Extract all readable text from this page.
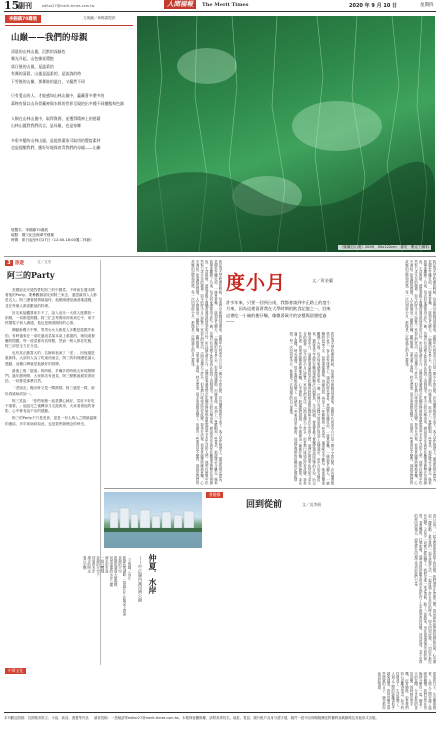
15
副刊	editor27@merit-times.com.tw	人間福報	The Merit Times	2020 年 9 月 10 日	星期四
李錫鎮70壽展	文與圖／章楊書提供
山巔——我們的母親
清晨的山林山嵐，沉默的深綠色
霧光升起，山色綿延環抱
落日後的山嵐，是溫柔的
有霧的清晨，山嵐是溫柔的，是流淌的時
下雪後的山巔，那暈眩的溫白，又瘋然不同
只有愛山的人，才能感知山林山嵐中，蘊藏著多麼多的
萬物有情以山為骨藏神與水經的世界呈現的出多種不同種態和色調
人類在山林山嵐中，取得資源，並獲得精神上的慰藉
山林山嵐對我們而言，是母親，也是家鄉
多彩多變的山林山嵐，是提供畫家可取用的豐富素材
也是提醒我們，應好好地保育青我們的母親——山巔
展覽名：李錫鎮70壽展
地點：國父紀念館翠亨藝廊
時間：即日起至9月27日（12:00-18:00週二休館）
《綠翼幻山境》2009．50x122cm．書布．壓克力顏料
3 旅遊	文／文冬
阿三的Party
美國朋友安德烈愛吃阿三的中國菜，不時會在週末開著他的Party。要參觀個朋友到阿三家去，還認識得人人都是名人。阿三總會熱情地接待，他眼睛總是滿意地遠眺，並在每個人都喜歡他的料理。
好友來接觸我來半不了，說入這末一大堆人進開放一兩樣，一切都很熱鬧。阿三忙去每間房再來到它中，來不停撥電子和人溝通，他也是懷著期待的心情。
卿動新聞天中華，男男女女大都是人多數是從國外來的。有時過來在一桌吃過這菜原本桌上重複的，就知道餐廳的問題。每一道菜都有其特點，然而一般人都在吃飯，阿三卻是全力在分送。
也有其正動嘗大的，名師和表演了「老」，回他還是重新排。大部份人為了吃東西而去，阿三的料理總是讓人感動，這種口碑就是他最好的招牌。
最後上幾「甜湯」的時候，多嘴多的時候大家再開開門。過年節時間，大家都各有意見，阿三默默地微笑著收拾，一切都是那麼自然。
「老朋友」搬出時又是一陣熱情。阿三還是一樣，那份真誠始終如一。
阿三笑說：「你們來聚一起是開心就好，菜好不好吃不重要。」他說完之後轉身又走進廚房，大家看著他的背影，心中都有說不出的感動。
阿三的Party不只是美食，更是一份人與人之間最溫暖的連結，多年來始終如此，也是我們最懷念的時光。	我記得大學時期的時候，每逢有空就跑到這裡來，那個年代的度小月只是一間小小的店面，店內擺著幾張小桌子，客人坐在矮凳上，頭頂的燈光昏黃。老闆坐在爐灶前，一邊煮著麵，一邊和客人聊天。一碗麵的份量不多，但是湯頭濃郁，肉燥香甜，再加上一隻鮮蝦和一些香菜，那滋味至今難忘。後來我畢業離開了台南，每次回來總要再去吃一碗，彷彿只有這樣才算是真正回到了這個城市。度小月的名稱由來，據說是早年漁民在颱風季節無法出海捕魚，生活困頓，便挑著擔子賣麵度過這段淡季的月份，所以稱為度小月。這個故事讓我每次吃麵的時候都會想起那些辛苦生活的人們，他們在困境中依然努力求生存的精神。如今的度小月已經是一家知名的老店，店面也擴大了許多，但是那口味始終沒有改變。我坐在店裡，看著老師傅熟練地煮麵，心中湧起一股溫暖的感覺。人生就像這一碗擔仔麵，雖然簡單，卻充滿了滋味。時光流逝，很多事情都改變了，但總有一些東西是不變的，那就是我們對故鄉的記憶和情感。每一次回到度小月，都像是一次與過去的自己重逢。	度小月	文／黃金蘭
許多年來，只要一回到台南，我都會請到中正路上的度小月來，因為這裡留著我在大學時期的飲食記憶之一，回來這裡吃一小碗的擔仔麵，像微著歲月的安穩與留戀度過——	我記得大學時期的時候，每逢有空就跑到這裡來，那個年代的度小月只是一間小小的店面，店內擺著幾張小桌子，客人坐在矮凳上，頭頂的燈光昏黃。老闆坐在爐灶前，一邊煮著麵，一邊和客人聊天。一碗麵的份量不多，但是湯頭濃郁，肉燥香甜，再加上一隻鮮蝦和一些香菜，那滋味至今難忘。後來我畢業離開了台南，每次回來總要再去吃一碗，彷彿只有這樣才算是真正回到了這個城市。度小月的名稱由來，據說是早年漁民在颱風季節無法出海捕魚，生活困頓，便挑著擔子賣麵度過這段淡季的月份，所以稱為度小月。這個故事讓我每次吃麵的時候都會想起那些辛苦生活的人們，他們在困境中依然努力求生存的精神。如今的度小月已經是一家知名的老店，店面也擴大了許多，但是那口味始終沒有改變。我坐在店裡，看著老師傅熟練地煮麵，心中湧起一股溫暖的感覺。人生就像這一碗擔仔麵，雖然簡單，卻充滿了滋味。時光流逝，很多事情都改變了，但總有一些東西是不變的，那就是我們對故鄉的記憶和情感。每一次回到度小月，都像是一次與過去的自己重逢。
我記得大學時期的時候，每逢有空就跑到這裡來，那個年代的度小月只是一間小小的店面，店內擺著幾張小桌子，客人坐在矮凳上，頭頂的燈光昏黃。老闆坐在爐灶前，一邊煮著麵，一邊和客人聊天。一碗麵的份量不多，但是湯頭濃郁，肉燥香甜，再加上一隻鮮蝦和一些香菜，那滋味至今難忘。後來我畢業離開了台南，每次回來總要再去吃一碗，彷彿只有這樣才算是真正回到了這個城市。度小月的名稱由來，據說是早年漁民在颱風季節無法出海捕魚，生活困頓，便挑著擔子賣麵度過這段淡季的月份，所以稱為度小月。這個故事讓我每次吃麵的時候都會想起那些辛苦生活的人們，他們在困境中依然努力求生存的精神。如今的度小月已經是一家知名的老店，店面也擴大了許多，但是那口味始終沒有改變。我坐在店裡，看著老師傅熟練地煮麵，心中湧起一股溫暖的感覺。人生就像這一碗擔仔麵，雖然簡單，卻充滿了滋味。時光流逝，很多事情都改變了，但總有一些東西是不變的，那就是我們對故鄉的記憶和情感。每一次回到度小月，都像是一次與過去的自己重逢。
仲夏．水岸
——中正湖內湖河濱公園
文與圖／黃正
藍綠色的湖畔 一群群仔仔 在陽光下閃著
炎熱的天空
藍綠的湖面大廈倒映
河堤遠處的水岸公園
濱水的步道
一群白鷺飛
炎熱的天空下
仲夏的水岸
湖水的時光
夏日記憶
書藝緣
回到從前	文／吳李娟
春日出外，一起去看看從前留下的回憶，我們漫步在老街之間，看見那些熟悉的招牌和店面，心中湧起一陣感動。當年我們一起在這裡生活，一起度過了許多美好的時光。如今回到這裡，一切似乎都沒有改變，又似乎一切都已經改變了。我們走進一家老茶館，點了一壺熱茶，坐在窗邊看著外面的街景。茶香飄散，往事如煙，那些曾經的歡笑和淚水都化作了心中最珍貴的回憶。回到從前，並不是真的要回到過去，而是要在回憶中找到前進的力量。
中華文化
從前的日子，生活簡單樸實，人與人之間充滿了溫暖和關懷。我們常常在傍晚時分聚在一起，聊著一天的見聞，分享彼此的喜怒哀樂。那時候沒有手機，沒有網路，但是我們的心卻離得很近。如今科技發達了，生活便利了，人與人之間的距離卻似乎越來越遠。我常常懷念那些簡單的日子，懷念那份純真的情感。
讀者投稿：一投稿請寄editor27@merit-times.com.tw，本報保留刪修權，請附真實姓名、地址、電話、銀行帳戶及身分證字號，稿件一經刊出即贈稿酬並附權利登載網路及其他形式出版。
本刊歡迎投稿：長期徵求散文、小說、新詩、漫畫等作品
